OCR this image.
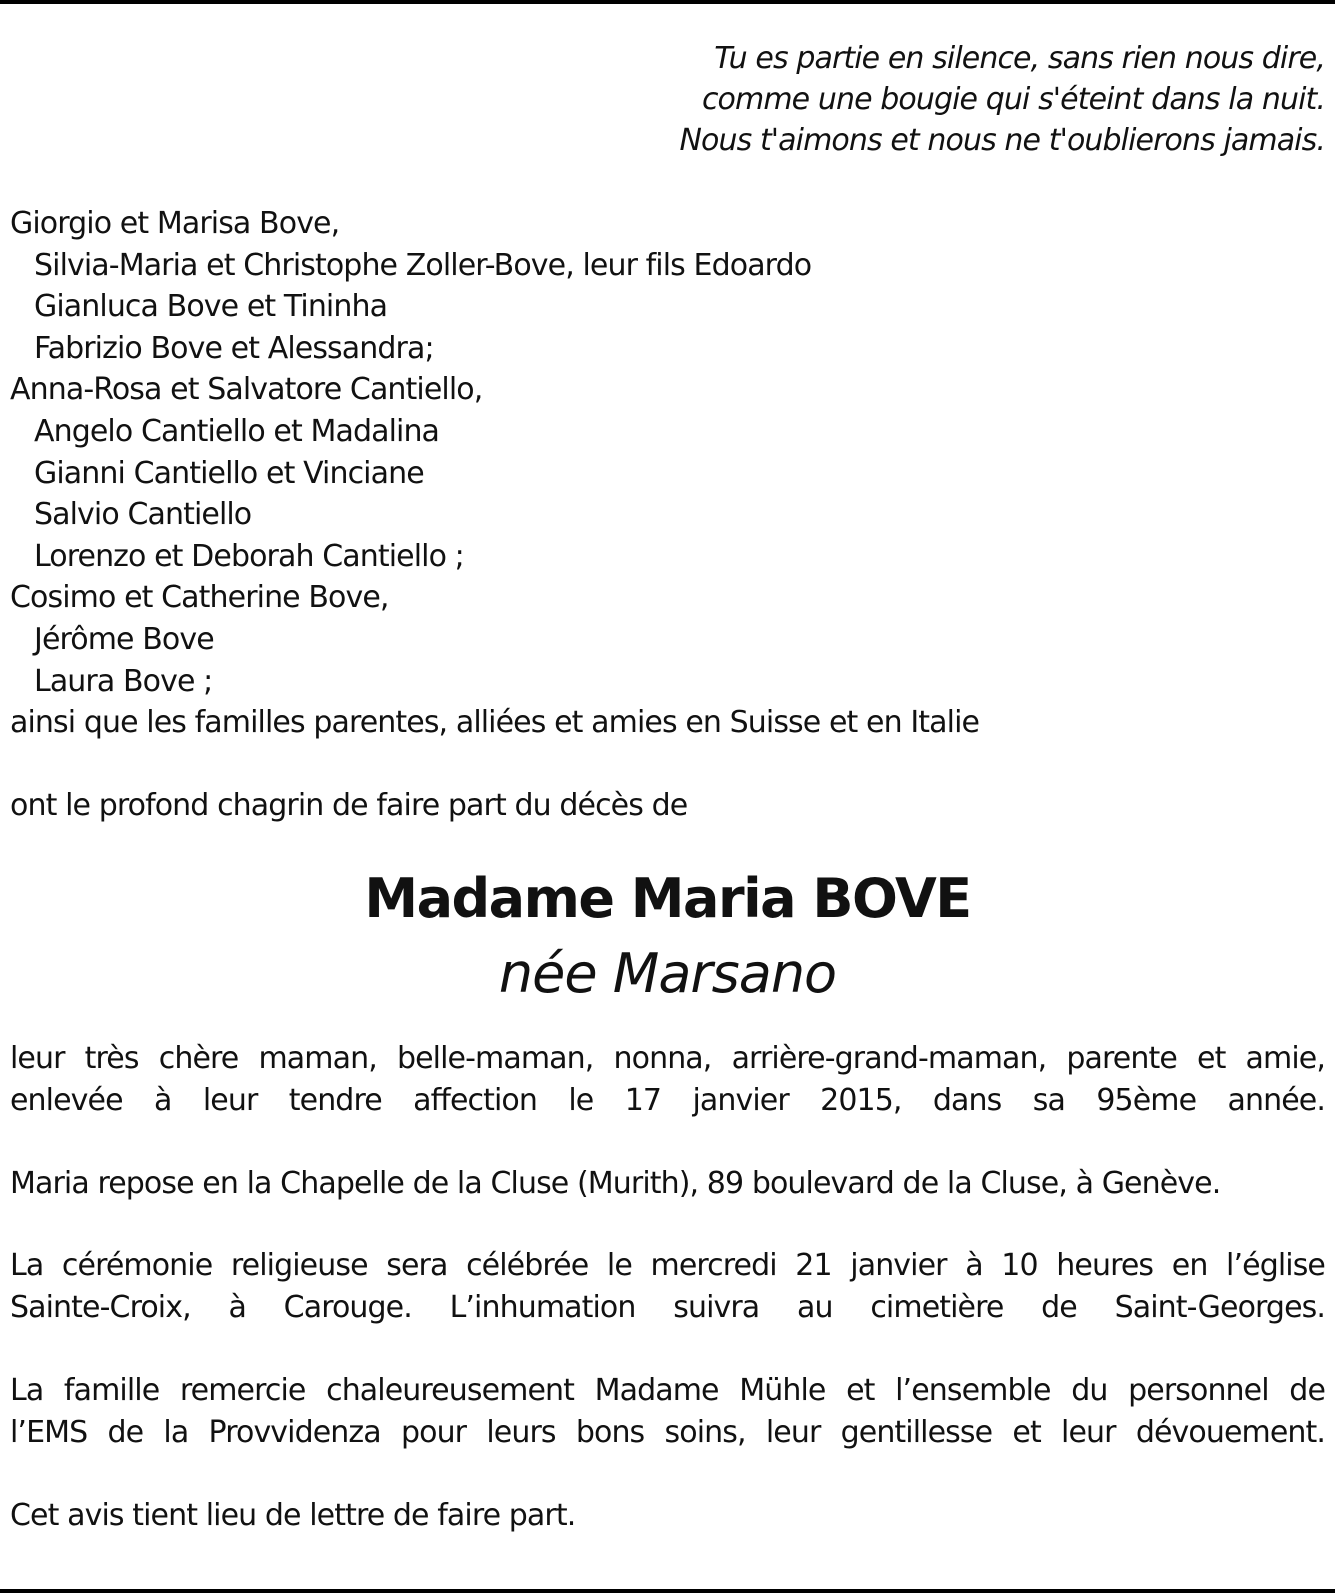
Tu es partie en silence, sans rien nous dire,
comme une bougie qui s'éteint dans la nuit.
Nous t'aimons et nous ne t'oublierons jamais.
Giorgio et Marisa Bove,
Silvia-Maria et Christophe Zoller-Bove, leur fils Edoardo
Gianluca Bove et Tininha
Fabrizio Bove et Alessandra;
Anna-Rosa et Salvatore Cantiello,
Angelo Cantiello et Madalina
Gianni Cantiello et Vinciane
Salvio Cantiello
Lorenzo et Deborah Cantiello ;
Cosimo et Catherine Bove,
Jérôme Bove
Laura Bove ;
ainsi que les familles parentes, alliées et amies en Suisse et en Italie
ont le profond chagrin de faire part du décès de
Madame Maria BOVE
née Marsano
leur très chère maman, belle-maman, nonna, arrière-grand-maman, parente et amie,
enlevée à leur tendre affection le 17 janvier 2015, dans sa 95ème année.
Maria repose en la Chapelle de la Cluse (Murith), 89 boulevard de la Cluse, à Genève.
La cérémonie religieuse sera célébrée le mercredi 21 janvier à 10 heures en l’église
Sainte-Croix, à Carouge. L’inhumation suivra au cimetière de Saint-Georges.
La famille remercie chaleureusement Madame Mühle et l’ensemble du personnel de
l’EMS de la Provvidenza pour leurs bons soins, leur gentillesse et leur dévouement.
Cet avis tient lieu de lettre de faire part.
